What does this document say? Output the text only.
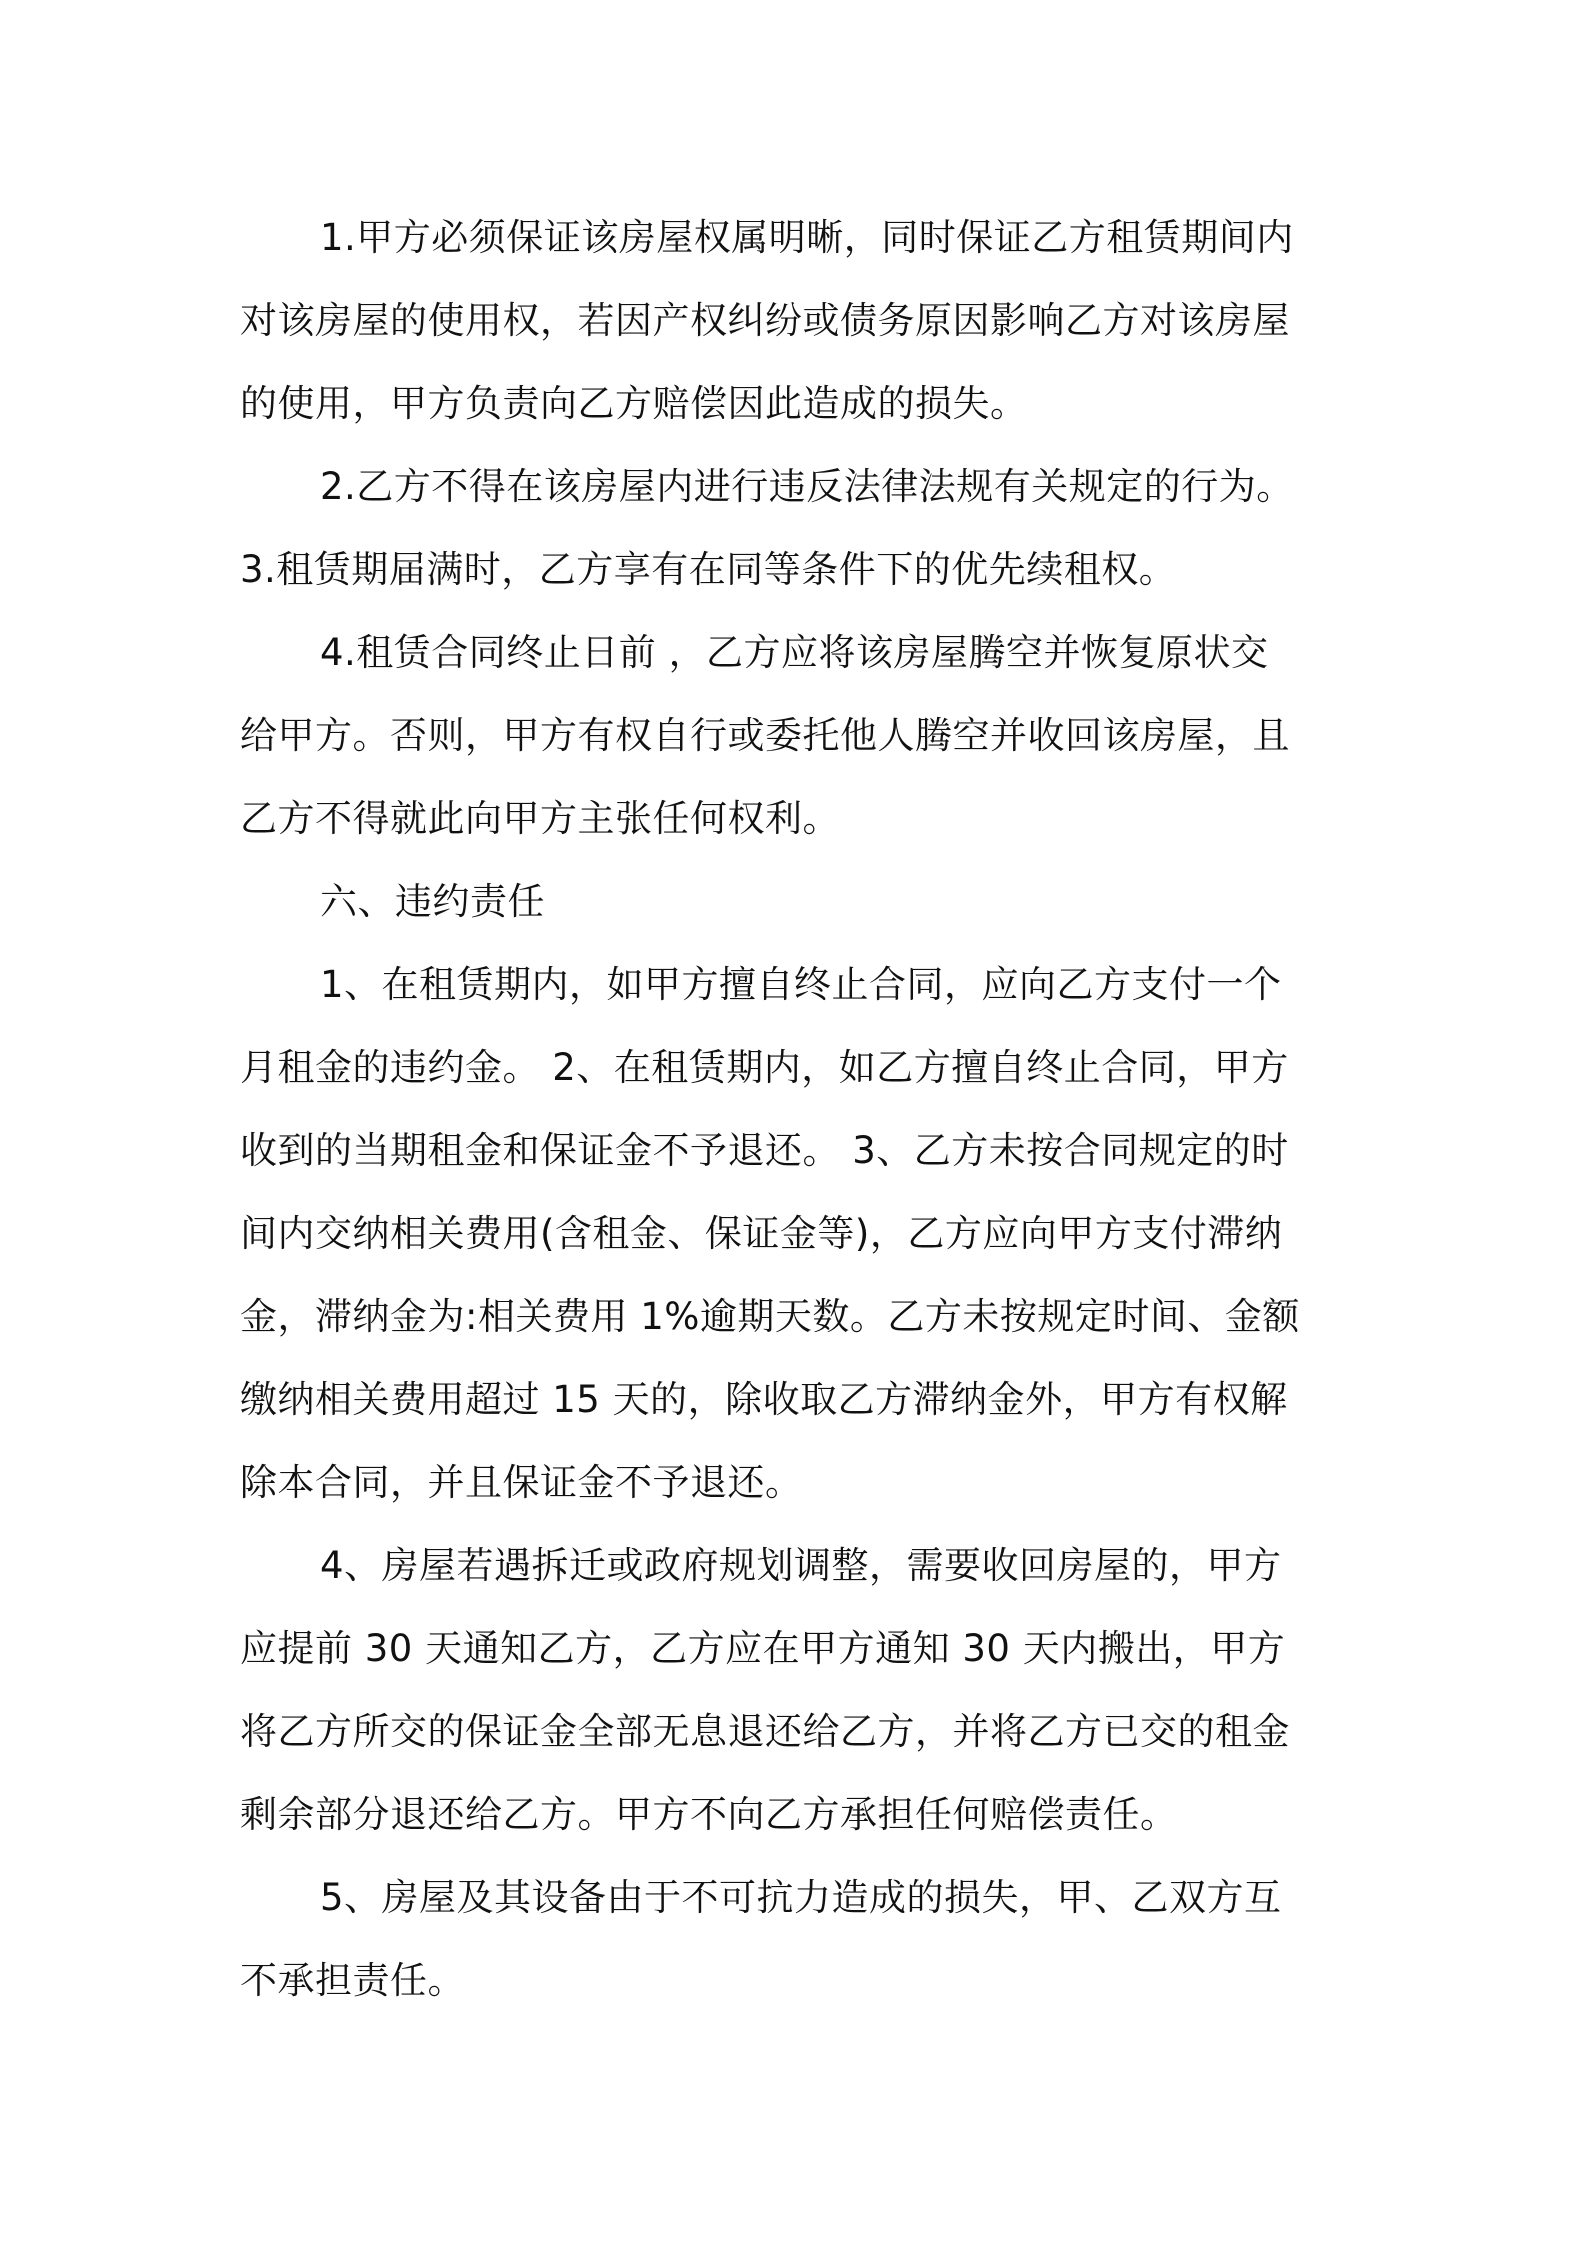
1.甲方必须保证该房屋权属明晰，同时保证乙方租赁期间内
对该房屋的使用权，若因产权纠纷或债务原因影响乙方对该房屋
的使用，甲方负责向乙方赔偿因此造成的损失。
2.乙方不得在该房屋内进行违反法律法规有关规定的行为。
3.租赁期届满时，乙方享有在同等条件下的优先续租权。
4.租赁合同终止日前 ，乙方应将该房屋腾空并恢复原状交
给甲方。否则，甲方有权自行或委托他人腾空并收回该房屋，且
乙方不得就此向甲方主张任何权利。
六、违约责任
1、在租赁期内，如甲方擅自终止合同，应向乙方支付一个
月租金的违约金。 2、在租赁期内，如乙方擅自终止合同，甲方
收到的当期租金和保证金不予退还。 3、乙方未按合同规定的时
间内交纳相关费用(含租金、保证金等)，乙方应向甲方支付滞纳
金，滞纳金为:相关费用 1%逾期天数。乙方未按规定时间、金额
缴纳相关费用超过 15 天的，除收取乙方滞纳金外，甲方有权解
除本合同，并且保证金不予退还。
4、房屋若遇拆迁或政府规划调整，需要收回房屋的，甲方
应提前 30 天通知乙方，乙方应在甲方通知 30 天内搬出，甲方
将乙方所交的保证金全部无息退还给乙方，并将乙方已交的租金
剩余部分退还给乙方。甲方不向乙方承担任何赔偿责任。
5、房屋及其设备由于不可抗力造成的损失，甲、乙双方互
不承担责任。
